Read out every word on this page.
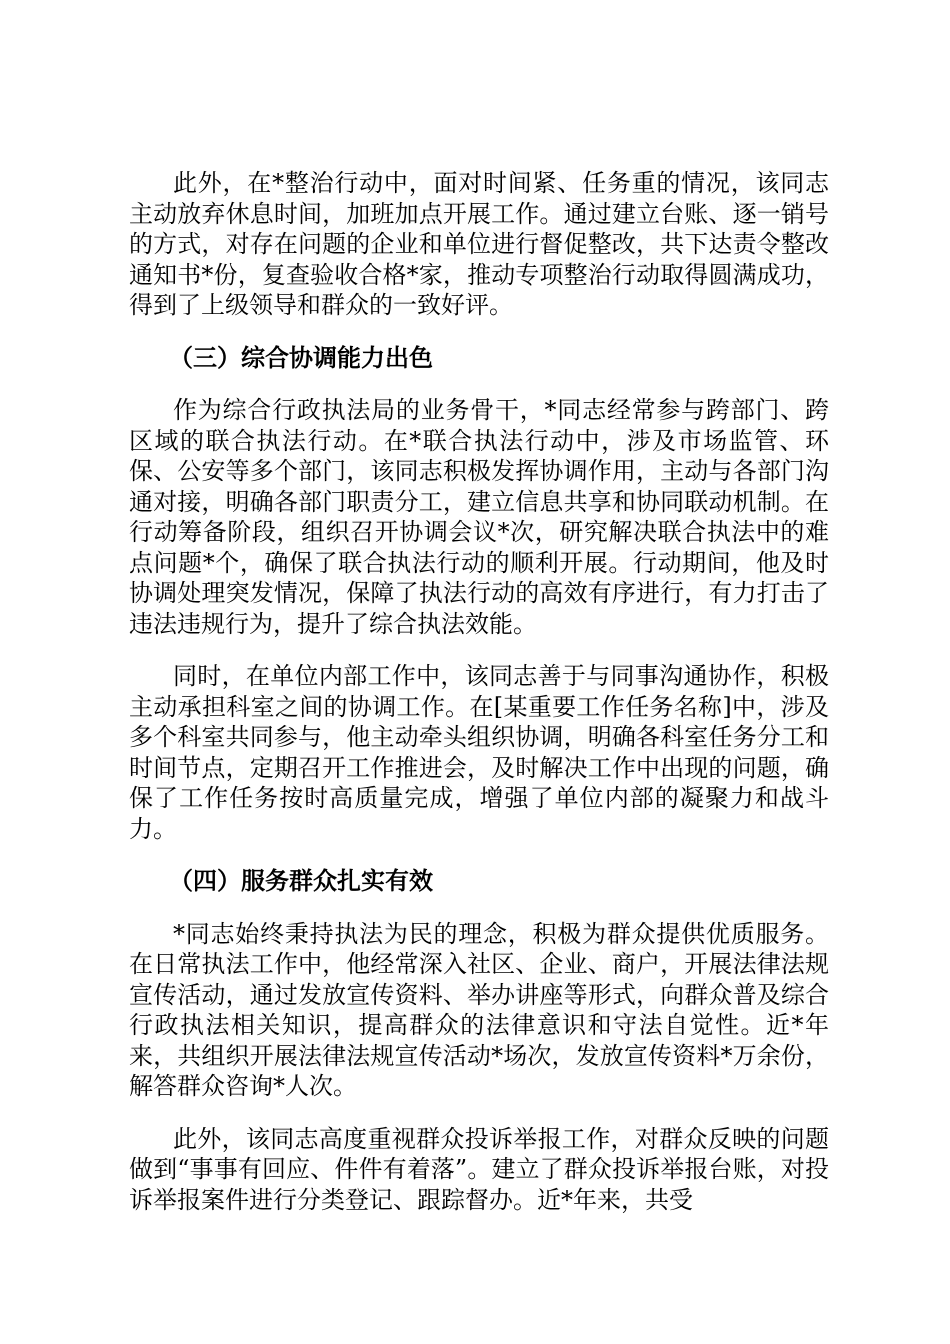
此外，在*整治行动中，面对时间紧、任务重的情况，该同志主动放弃休息时间，加班加点开展工作。通过建立台账、逐一销号的方式，对存在问题的企业和单位进行督促整改，共下达责令整改通知书*份，复查验收合格*家，推动专项整治行动取得圆满成功，得到了上级领导和群众的一致好评。

（三）综合协调能力出色

作为综合行政执法局的业务骨干，*同志经常参与跨部门、跨区域的联合执法行动。在*联合执法行动中，涉及市场监管、环保、公安等多个部门，该同志积极发挥协调作用，主动与各部门沟通对接，明确各部门职责分工，建立信息共享和协同联动机制。在行动筹备阶段，组织召开协调会议*次，研究解决联合执法中的难点问题*个，确保了联合执法行动的顺利开展。行动期间，他及时协调处理突发情况，保障了执法行动的高效有序进行，有力打击了违法违规行为，提升了综合执法效能。

同时，在单位内部工作中，该同志善于与同事沟通协作，积极主动承担科室之间的协调工作。在[某重要工作任务名称]中，涉及多个科室共同参与，他主动牵头组织协调，明确各科室任务分工和时间节点，定期召开工作推进会，及时解决工作中出现的问题，确保了工作任务按时高质量完成，增强了单位内部的凝聚力和战斗力。

（四）服务群众扎实有效

*同志始终秉持执法为民的理念，积极为群众提供优质服务。在日常执法工作中，他经常深入社区、企业、商户，开展法律法规宣传活动，通过发放宣传资料、举办讲座等形式，向群众普及综合行政执法相关知识，提高群众的法律意识和守法自觉性。近*年来，共组织开展法律法规宣传活动*场次，发放宣传资料*万余份，解答群众咨询*人次。

此外，该同志高度重视群众投诉举报工作，对群众反映的问题做到“事事有回应、件件有着落”。建立了群众投诉举报台账，对投诉举报案件进行分类登记、跟踪督办。近*年来，共受
